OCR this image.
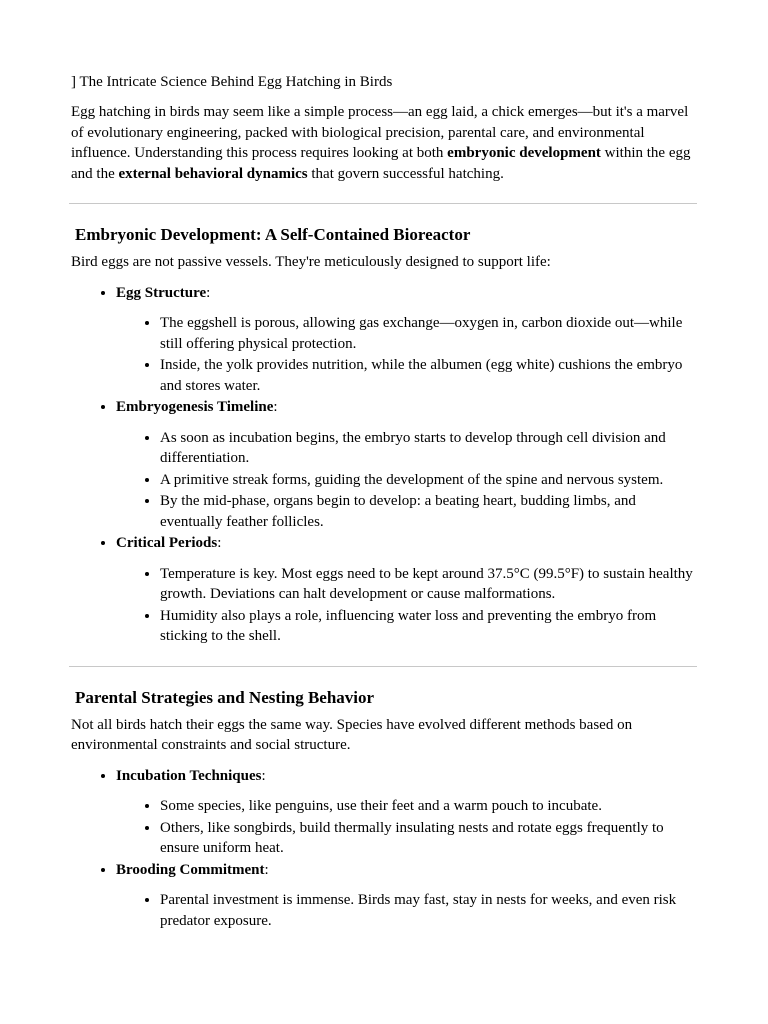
] The Intricate Science Behind Egg Hatching in Birds

Egg hatching in birds may seem like a simple process—an egg laid, a chick emerges—but it's a marvel of evolutionary engineering, packed with biological precision, parental care, and environmental influence. Understanding this process requires looking at both embryonic development within the egg and the external behavioral dynamics that govern successful hatching.

Embryonic Development: A Self-Contained Bioreactor

Bird eggs are not passive vessels. They're meticulously designed to support life:

• Egg Structure:
• The eggshell is porous, allowing gas exchange—oxygen in, carbon dioxide out—while still offering physical protection.
• Inside, the yolk provides nutrition, while the albumen (egg white) cushions the embryo and stores water.
• Embryogenesis Timeline:
• As soon as incubation begins, the embryo starts to develop through cell division and differentiation.
• A primitive streak forms, guiding the development of the spine and nervous system.
• By the mid-phase, organs begin to develop: a beating heart, budding limbs, and eventually feather follicles.
• Critical Periods:
• Temperature is key. Most eggs need to be kept around 37.5°C (99.5°F) to sustain healthy growth. Deviations can halt development or cause malformations.
• Humidity also plays a role, influencing water loss and preventing the embryo from sticking to the shell.
Parental Strategies and Nesting Behavior

Not all birds hatch their eggs the same way. Species have evolved different methods based on environmental constraints and social structure.

• Incubation Techniques:
• Some species, like penguins, use their feet and a warm pouch to incubate.
• Others, like songbirds, build thermally insulating nests and rotate eggs frequently to ensure uniform heat.
• Brooding Commitment:
• Parental investment is immense. Birds may fast, stay in nests for weeks, and even risk predator exposure.
